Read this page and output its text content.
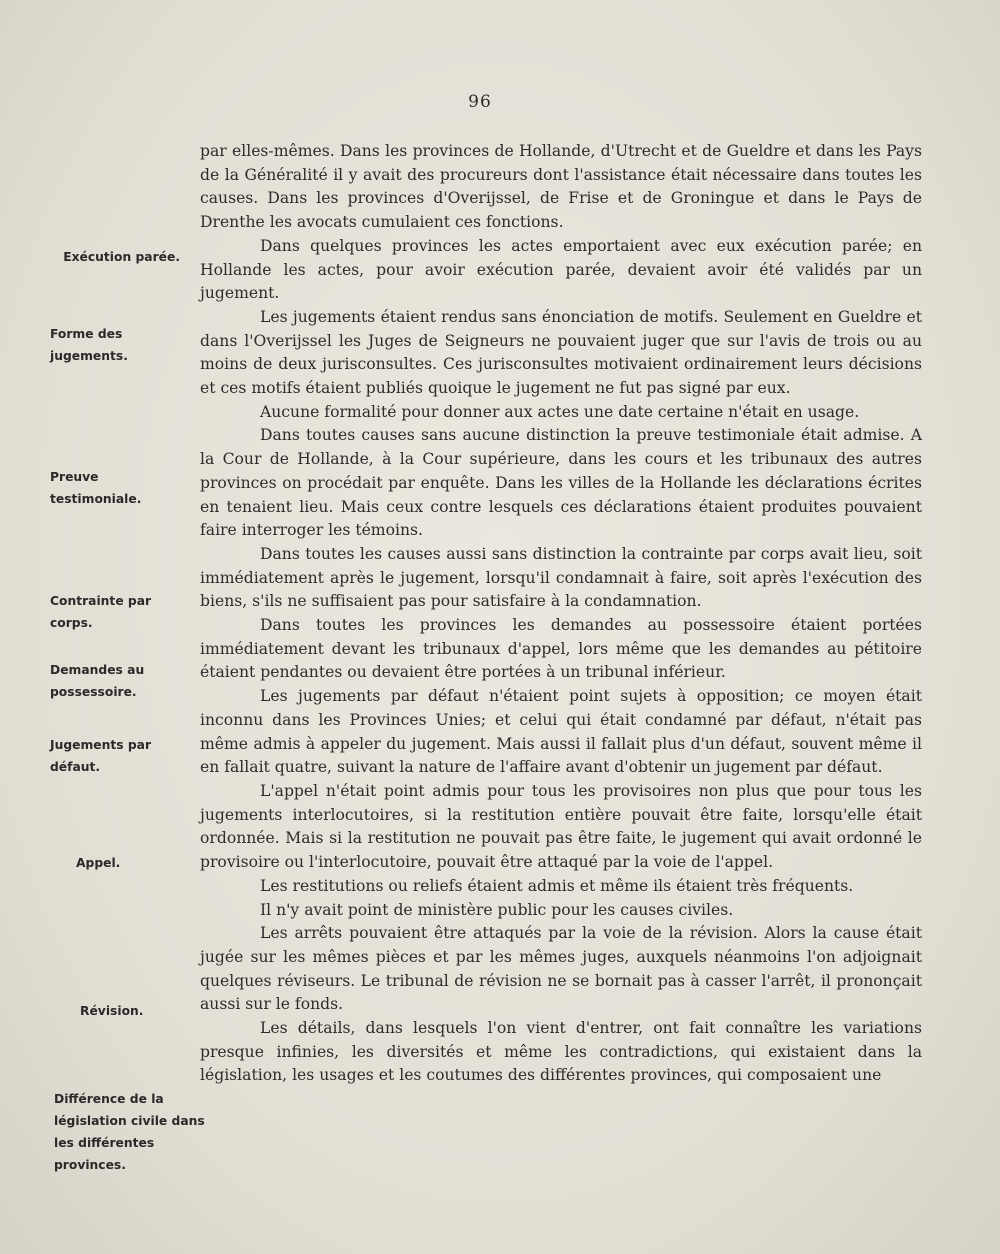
96
Exécution parée.
Forme des jugements.
Preuve testimoniale.
Contrainte par corps.
Demandes au possessoire.
Jugements par défaut.
Appel.
Révision.
Différence de la législation civile dans les différentes provinces.

par elles-mêmes. Dans les provinces de Hollande, d'Utrecht et de Gueldre et dans les Pays de la Généralité il y avait des procureurs dont l'assistance était nécessaire dans toutes les causes. Dans les provinces d'Overijssel, de Frise et de Groningue et dans le Pays de Drenthe les avocats cumulaient ces fonctions.

Dans quelques provinces les actes emportaient avec eux exécution parée; en Hollande les actes, pour avoir exécution parée, devaient avoir été validés par un jugement.

Les jugements étaient rendus sans énonciation de motifs. Seulement en Gueldre et dans l'Overijssel les Juges de Seigneurs ne pouvaient juger que sur l'avis de trois ou au moins de deux jurisconsultes. Ces jurisconsultes motivaient ordinairement leurs décisions et ces motifs étaient publiés quoique le jugement ne fut pas signé par eux.

Aucune formalité pour donner aux actes une date certaine n'était en usage.

Dans toutes causes sans aucune distinction la preuve testimoniale était admise. A la Cour de Hollande, à la Cour supérieure, dans les cours et les tribunaux des autres provinces on procédait par enquête. Dans les villes de la Hollande les déclarations écrites en tenaient lieu. Mais ceux contre lesquels ces déclarations étaient produites pouvaient faire interroger les témoins.

Dans toutes les causes aussi sans distinction la contrainte par corps avait lieu, soit immédiatement après le jugement, lorsqu'il condamnait à faire, soit après l'exécution des biens, s'ils ne suffisaient pas pour satisfaire à la condamnation.

Dans toutes les provinces les demandes au possessoire étaient portées immédiatement devant les tribunaux d'appel, lors même que les demandes au pétitoire étaient pendantes ou devaient être portées à un tribunal inférieur.

Les jugements par défaut n'étaient point sujets à opposition; ce moyen était inconnu dans les Provinces Unies; et celui qui était condamné par défaut, n'était pas même admis à appeler du jugement. Mais aussi il fallait plus d'un défaut, souvent même il en fallait quatre, suivant la nature de l'affaire avant d'obtenir un jugement par défaut.

L'appel n'était point admis pour tous les provisoires non plus que pour tous les jugements interlocutoires, si la restitution entière pouvait être faite, lorsqu'elle était ordonnée. Mais si la restitution ne pouvait pas être faite, le jugement qui avait ordonné le provisoire ou l'interlocutoire, pouvait être attaqué par la voie de l'appel.

Les restitutions ou reliefs étaient admis et même ils étaient très fréquents.

Il n'y avait point de ministère public pour les causes civiles.

Les arrêts pouvaient être attaqués par la voie de la révision. Alors la cause était jugée sur les mêmes pièces et par les mêmes juges, auxquels néanmoins l'on adjoignait quelques réviseurs. Le tribunal de révision ne se bornait pas à casser l'arrêt, il prononçait aussi sur le fonds.

Les détails, dans lesquels l'on vient d'entrer, ont fait connaître les variations presque infinies, les diversités et même les contradictions, qui existaient dans la législation, les usages et les coutumes des différentes provinces, qui composaient une
